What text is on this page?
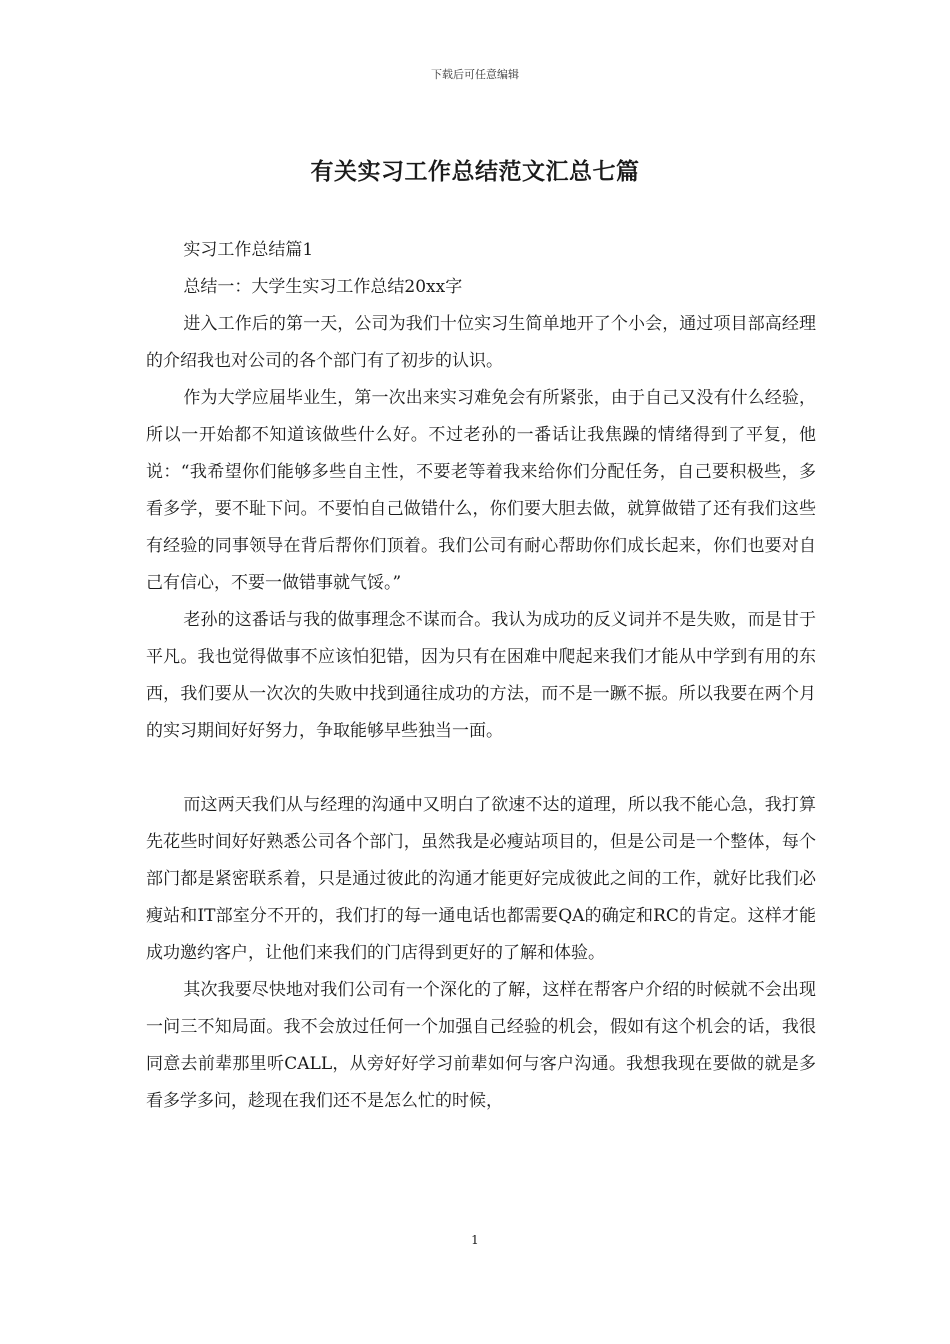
下载后可任意编辑
有关实习工作总结范文汇总七篇

实习工作总结篇1

总结一：大学生实习工作总结20xx字

进入工作后的第一天，公司为我们十位实习生简单地开了个小会，通过项目部高经理的介绍我也对公司的各个部门有了初步的认识。

作为大学应届毕业生，第一次出来实习难免会有所紧张，由于自己又没有什么经验，所以一开始都不知道该做些什么好。不过老孙的一番话让我焦躁的情绪得到了平复，他说：“我希望你们能够多些自主性，不要老等着我来给你们分配任务，自己要积极些，多看多学，要不耻下问。不要怕自己做错什么，你们要大胆去做，就算做错了还有我们这些有经验的同事领导在背后帮你们顶着。我们公司有耐心帮助你们成长起来，你们也要对自己有信心，不要一做错事就气馁。”

老孙的这番话与我的做事理念不谋而合。我认为成功的反义词并不是失败，而是甘于平凡。我也觉得做事不应该怕犯错，因为只有在困难中爬起来我们才能从中学到有用的东西，我们要从一次次的失败中找到通往成功的方法，而不是一蹶不振。所以我要在两个月的实习期间好好努力，争取能够早些独当一面。

而这两天我们从与经理的沟通中又明白了欲速不达的道理，所以我不能心急，我打算先花些时间好好熟悉公司各个部门，虽然我是必瘦站项目的，但是公司是一个整体，每个部门都是紧密联系着，只是通过彼此的沟通才能更好完成彼此之间的工作，就好比我们必瘦站和IT部室分不开的，我们打的每一通电话也都需要QA的确定和RC的肯定。这样才能成功邀约客户，让他们来我们的门店得到更好的了解和体验。

其次我要尽快地对我们公司有一个深化的了解，这样在帮客户介绍的时候就不会出现一问三不知局面。我不会放过任何一个加强自己经验的机会，假如有这个机会的话，我很同意去前辈那里听CALL，从旁好好学习前辈如何与客户沟通。我想我现在要做的就是多看多学多问，趁现在我们还不是怎么忙的时候，

1
